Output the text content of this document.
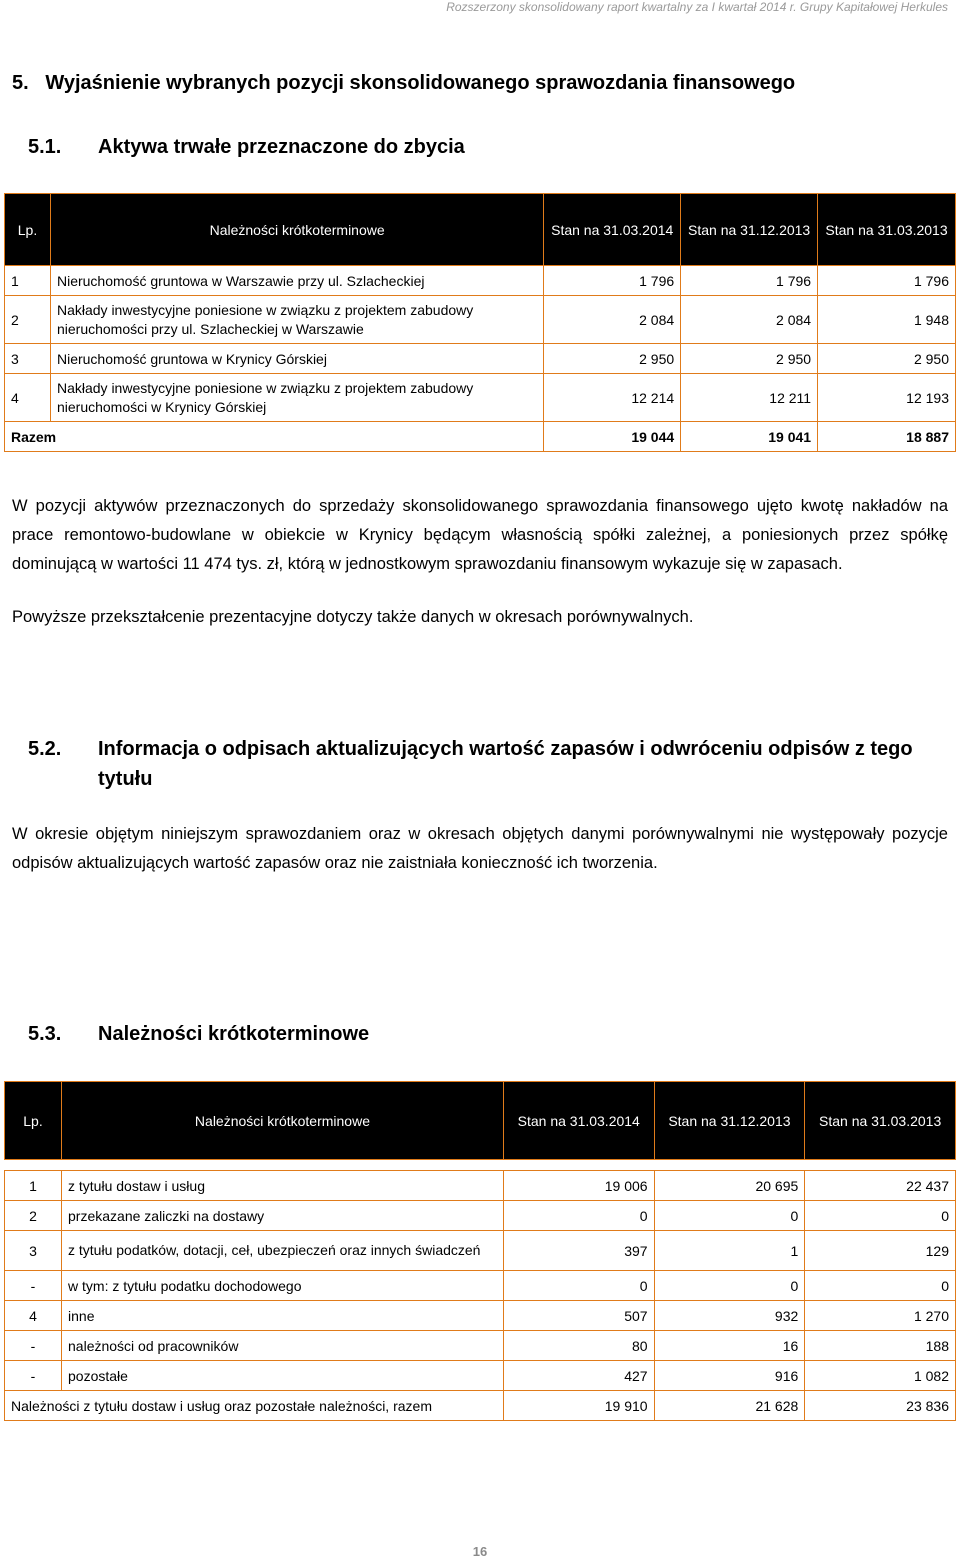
Rozszerzony skonsolidowany raport kwartalny za I kwartał 2014 r. Grupy Kapitałowej Herkules
5.   Wyjaśnienie wybranych pozycji skonsolidowanego sprawozdania finansowego
5.1. Aktywa trwałe przeznaczone do zbycia
Lp.	Należności krótkoterminowe	Stan na 31.03.2014	Stan na 31.12.2013	Stan na 31.03.2013
1	Nieruchomość gruntowa w Warszawie przy ul. Szlacheckiej	1 796	1 796	1 796
2	Nakłady inwestycyjne poniesione w związku z projektem zabudowy nieruchomości przy ul. Szlacheckiej w Warszawie	2 084	2 084	1 948
3	Nieruchomość gruntowa w Krynicy Górskiej	2 950	2 950	2 950
4	Nakłady inwestycyjne poniesione w związku z projektem zabudowy nieruchomości w Krynicy Górskiej	12 214	12 211	12 193
Razem		19 044	19 041	18 887
W pozycji aktywów przeznaczonych do sprzedaży skonsolidowanego sprawozdania finansowego ujęto kwotę nakładów na prace remontowo-budowlane w obiekcie w Krynicy będącym własnością spółki zależnej, a poniesionych przez spółkę dominującą w wartości 11 474 tys. zł, którą w jednostkowym sprawozdaniu finansowym wykazuje się w zapasach.
Powyższe przekształcenie prezentacyjne dotyczy także danych w okresach porównywalnych.
5.2. Informacja o odpisach aktualizujących wartość zapasów i odwróceniu odpisów z tego tytułu
W okresie objętym niniejszym sprawozdaniem oraz w okresach objętych danymi porównywalnymi nie występowały pozycje odpisów aktualizujących wartość zapasów oraz nie zaistniała konieczność ich tworzenia.
5.3. Należności krótkoterminowe
Lp.	Należności krótkoterminowe	Stan na 31.03.2014	Stan na 31.12.2013	Stan na 31.03.2013

1	z tytułu dostaw i usług	19 006	20 695	22 437
2	przekazane zaliczki na dostawy	0	0	0
3	z tytułu podatków, dotacji, ceł, ubezpieczeń oraz innych świadczeń	397	1	129
-	w tym: z tytułu podatku dochodowego	0	0	0
4	inne	507	932	1 270
-	należności od pracowników	80	16	188
-	pozostałe	427	916	1 082
Należności z tytułu dostaw i usług oraz pozostałe należności, razem		19 910	21 628	23 836
16
